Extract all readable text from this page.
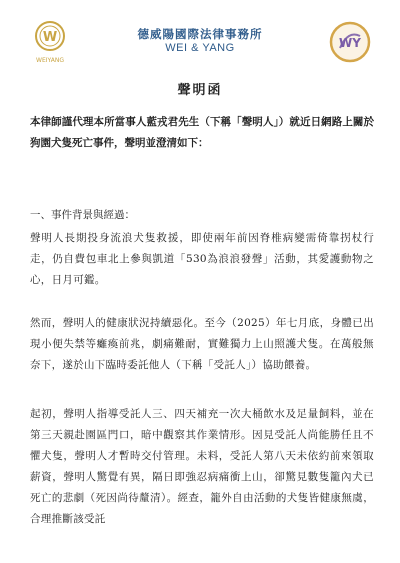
W
WEIYANG
德威陽國際法律事務所
WEI & YANG	WY
聲明函
本律師謹代理本所當事人藍戎君先生（下稱「聲明人」）就近日網路上關於狗園犬隻死亡事件，聲明並澄清如下：
一、事件背景與經過：
聲明人長期投身流浪犬隻救援，即使兩年前因脊椎病變需倚靠拐杖行走，仍自費包車北上參與凱道「530為浪浪發聲」活動，其愛護動物之心，日月可鑑。
然而，聲明人的健康狀況持續惡化。至今（2025）年七月底，身體已出現小便失禁等癱瘓前兆，劇痛難耐，實難獨力上山照護犬隻。在萬般無奈下，遂於山下臨時委託他人（下稱「受託人」）協助餵養。
起初，聲明人指導受託人三、四天補充一次大桶飲水及足量飼料，並在第三天親赴園區門口，暗中觀察其作業情形。因見受託人尚能勝任且不懼犬隻，聲明人才暫時交付管理。未料，受託人第八天未依約前來領取薪資，聲明人驚覺有異，隔日即強忍病痛衝上山，卻驚見數隻籠內犬已死亡的悲劇（死因尚待釐清）。經查，籠外自由活動的犬隻皆健康無虞，合理推斷該受託
